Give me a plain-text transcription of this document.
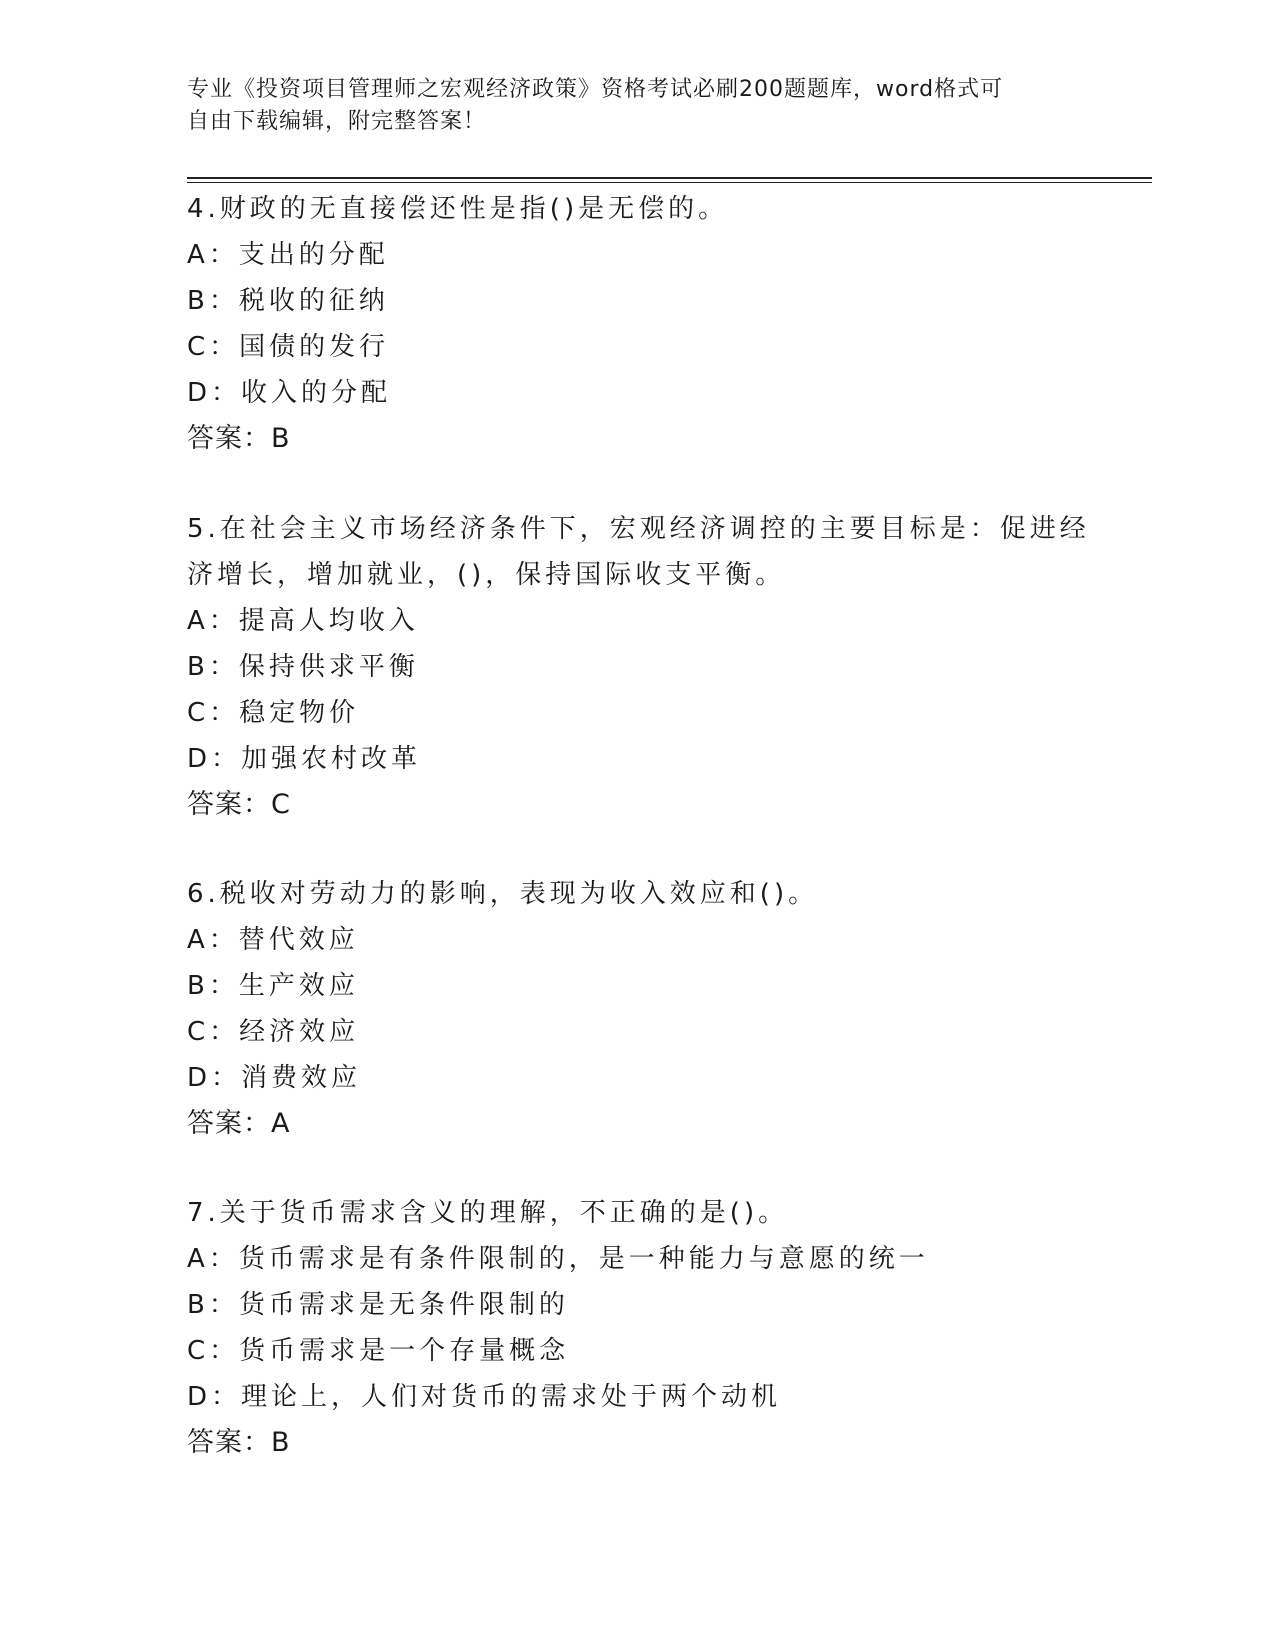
专业《投资项目管理师之宏观经济政策》资格考试必刷200题题库，word格式可
自由下载编辑，附完整答案！
4.财政的无直接偿还性是指()是无偿的。
A：支出的分配
B：税收的征纳
C：国债的发行
D：收入的分配
答案：B
5.在社会主义市场经济条件下，宏观经济调控的主要目标是：促进经
济增长，增加就业，()，保持国际收支平衡。
A：提高人均收入
B：保持供求平衡
C：稳定物价
D：加强农村改革
答案：C
6.税收对劳动力的影响，表现为收入效应和()。
A：替代效应
B：生产效应
C：经济效应
D：消费效应
答案：A
7.关于货币需求含义的理解，不正确的是()。
A：货币需求是有条件限制的，是一种能力与意愿的统一
B：货币需求是无条件限制的
C：货币需求是一个存量概念
D：理论上，人们对货币的需求处于两个动机
答案：B
